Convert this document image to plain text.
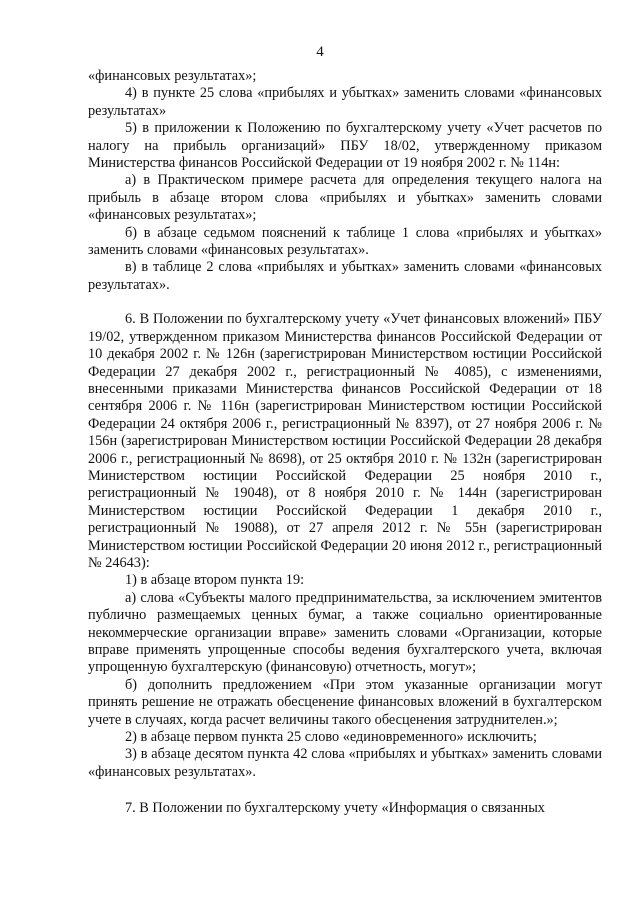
4

«финансовых результатах»;

4) в пункте 25 слова «прибылях и убытках» заменить словами «финансовых результатах»

5) в приложении к Положению по бухгалтерскому учету «Учет расчетов по налогу на прибыль организаций» ПБУ 18/02, утвержденному приказом Министерства финансов Российской Федерации от 19 ноября 2002 г. № 114н:

а) в Практическом примере расчета для определения текущего налога на прибыль в абзаце втором слова «прибылях и убытках» заменить словами «финансовых результатах»;

б) в абзаце седьмом пояснений к таблице 1 слова «прибылях и убытках» заменить словами «финансовых результатах».

в) в таблице 2 слова «прибылях и убытках» заменить словами «финансовых результатах».

6. В Положении по бухгалтерскому учету «Учет финансовых вложений» ПБУ 19/02, утвержденном приказом Министерства финансов Российской Федерации от 10 декабря 2002 г. № 126н (зарегистрирован Министерством юстиции Российской Федерации 27 декабря 2002 г., регистрационный № 4085), с изменениями, внесенными приказами Министерства финансов Российской Федерации от 18 сентября 2006 г. № 116н (зарегистрирован Министерством юстиции Российской Федерации 24 октября 2006 г., регистрационный № 8397), от 27 ноября 2006 г. № 156н (зарегистрирован Министерством юстиции Российской Федерации 28 декабря 2006 г., регистрационный № 8698), от 25 октября 2010 г. № 132н (зарегистрирован Министерством юстиции Российской Федерации 25 ноября 2010 г., регистрационный № 19048), от 8 ноября 2010 г. № 144н (зарегистрирован Министерством юстиции Российской Федерации 1 декабря 2010 г., регистрационный № 19088), от 27 апреля 2012 г. № 55н (зарегистрирован Министерством юстиции Российской Федерации 20 июня 2012 г., регистрационный № 24643):

1) в абзаце втором пункта 19:

а) слова «Субъекты малого предпринимательства, за исключением эмитентов публично размещаемых ценных бумаг, а также социально ориентированные некоммерческие организации вправе» заменить словами «Организации, которые вправе применять упрощенные способы ведения бухгалтерского учета, включая упрощенную бухгалтерскую (финансовую) отчетность, могут»;

б) дополнить предложением «При этом указанные организации могут принять решение не отражать обесценение финансовых вложений в бухгалтерском учете в случаях, когда расчет величины такого обесценения затруднителен.»;

2) в абзаце первом пункта 25 слово «единовременного» исключить;

3) в абзаце десятом пункта 42 слова «прибылях и убытках» заменить словами «финансовых результатах».

7. В Положении по бухгалтерскому учету «Информация о связанных
